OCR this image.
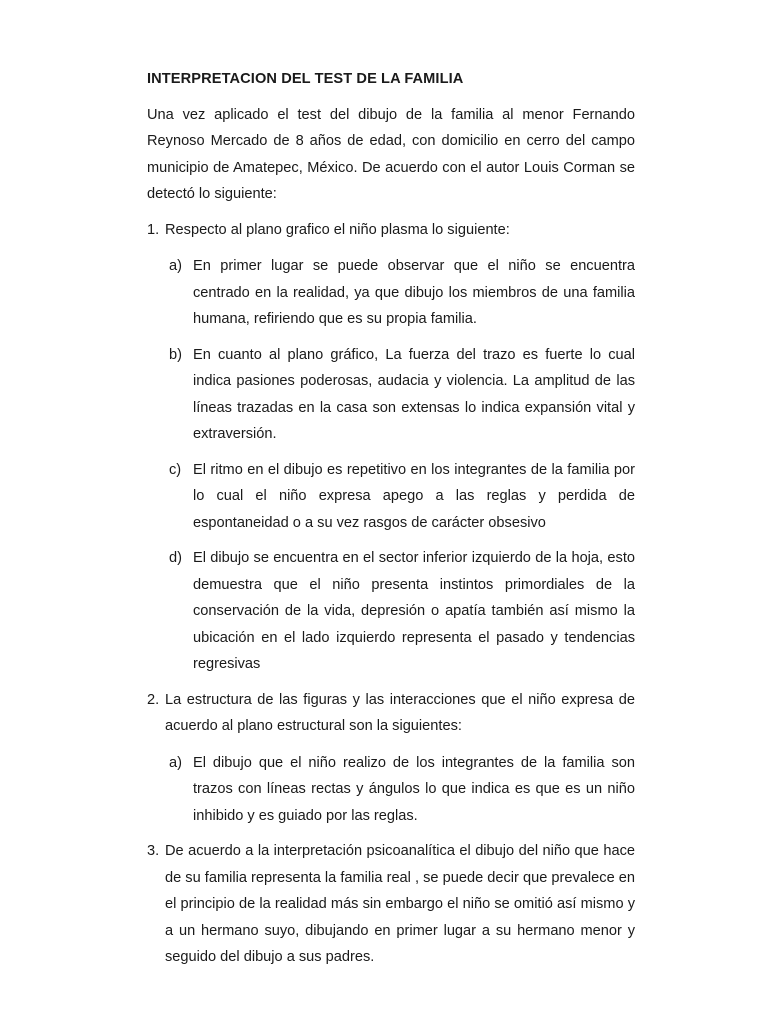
INTERPRETACION DEL TEST DE LA FAMILIA
Una vez aplicado el test del dibujo de la familia al menor Fernando Reynoso Mercado de 8 años de edad, con domicilio en cerro del campo municipio de Amatepec, México. De acuerdo con el autor Louis Corman se detectó lo siguiente:
1. Respecto al plano grafico el niño plasma lo siguiente:
a) En primer lugar se puede observar que el niño se encuentra centrado en la realidad, ya que dibujo los miembros de una familia humana, refiriendo que es su propia familia.
b) En cuanto al plano gráfico, La fuerza del trazo es fuerte lo cual indica pasiones poderosas, audacia y violencia. La amplitud de las líneas trazadas en la casa son extensas lo indica expansión vital y extraversión.
c) El ritmo en el dibujo es repetitivo en los integrantes de la familia por lo cual el niño expresa apego a las reglas y perdida de espontaneidad o a su vez rasgos de carácter obsesivo
d) El dibujo se encuentra en el sector inferior izquierdo de la hoja, esto demuestra que el niño presenta instintos primordiales de la conservación de la vida, depresión o apatía también así mismo la ubicación en el lado izquierdo representa el pasado y tendencias regresivas
2. La estructura de las figuras y las interacciones que el niño expresa de acuerdo al plano estructural son la siguientes:
a) El dibujo que el niño realizo de los integrantes de la familia son trazos con líneas rectas y ángulos lo que indica es que es un niño inhibido y es guiado por las reglas.
3. De acuerdo a la interpretación psicoanalítica el dibujo del niño que hace de su familia representa la familia real , se puede decir que prevalece en el principio de la realidad más sin embargo el niño se omitió así mismo y a un hermano suyo, dibujando en primer lugar a su hermano menor y seguido del dibujo a sus padres.
